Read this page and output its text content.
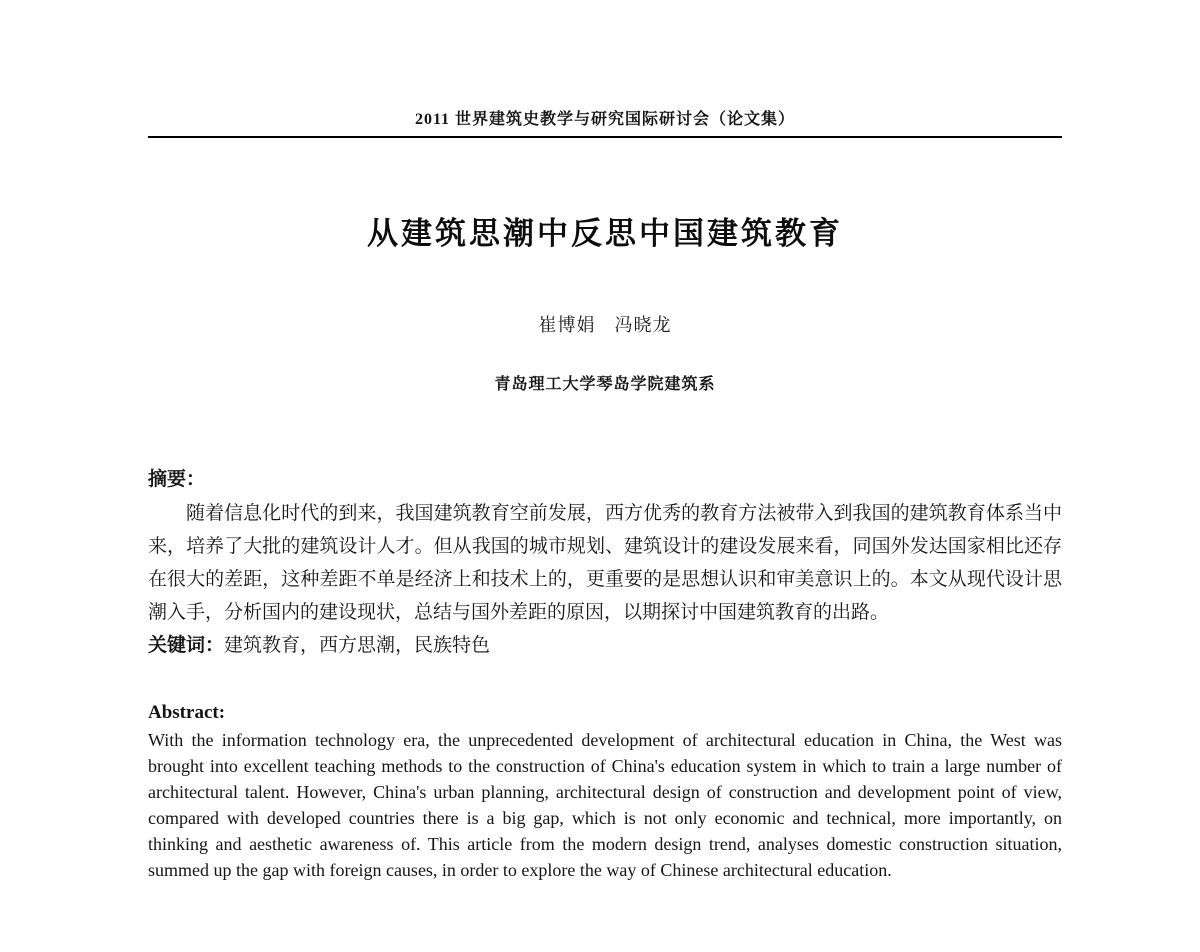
2011 世界建筑史教学与研究国际研讨会（论文集）
从建筑思潮中反思中国建筑教育
崔博娟　冯晓龙
青岛理工大学琴岛学院建筑系
摘要：

随着信息化时代的到来，我国建筑教育空前发展，西方优秀的教育方法被带入到我国的建筑教育体系当中来，培养了大批的建筑设计人才。但从我国的城市规划、建筑设计的建设发展来看，同国外发达国家相比还存在很大的差距，这种差距不单是经济上和技术上的，更重要的是思想认识和审美意识上的。本文从现代设计思潮入手，分析国内的建设现状，总结与国外差距的原因，以期探讨中国建筑教育的出路。

关键词：建筑教育，西方思潮，民族特色

Abstract:

With the information technology era, the unprecedented development of architectural education in China, the West was brought into excellent teaching methods to the construction of China's education system in which to train a large number of architectural talent. However, China's urban planning, architectural design of construction and development point of view, compared with developed countries there is a big gap, which is not only economic and technical, more importantly, on thinking and aesthetic awareness of. This article from the modern design trend, analyses domestic construction situation, summed up the gap with foreign causes, in order to explore the way of Chinese architectural education.
